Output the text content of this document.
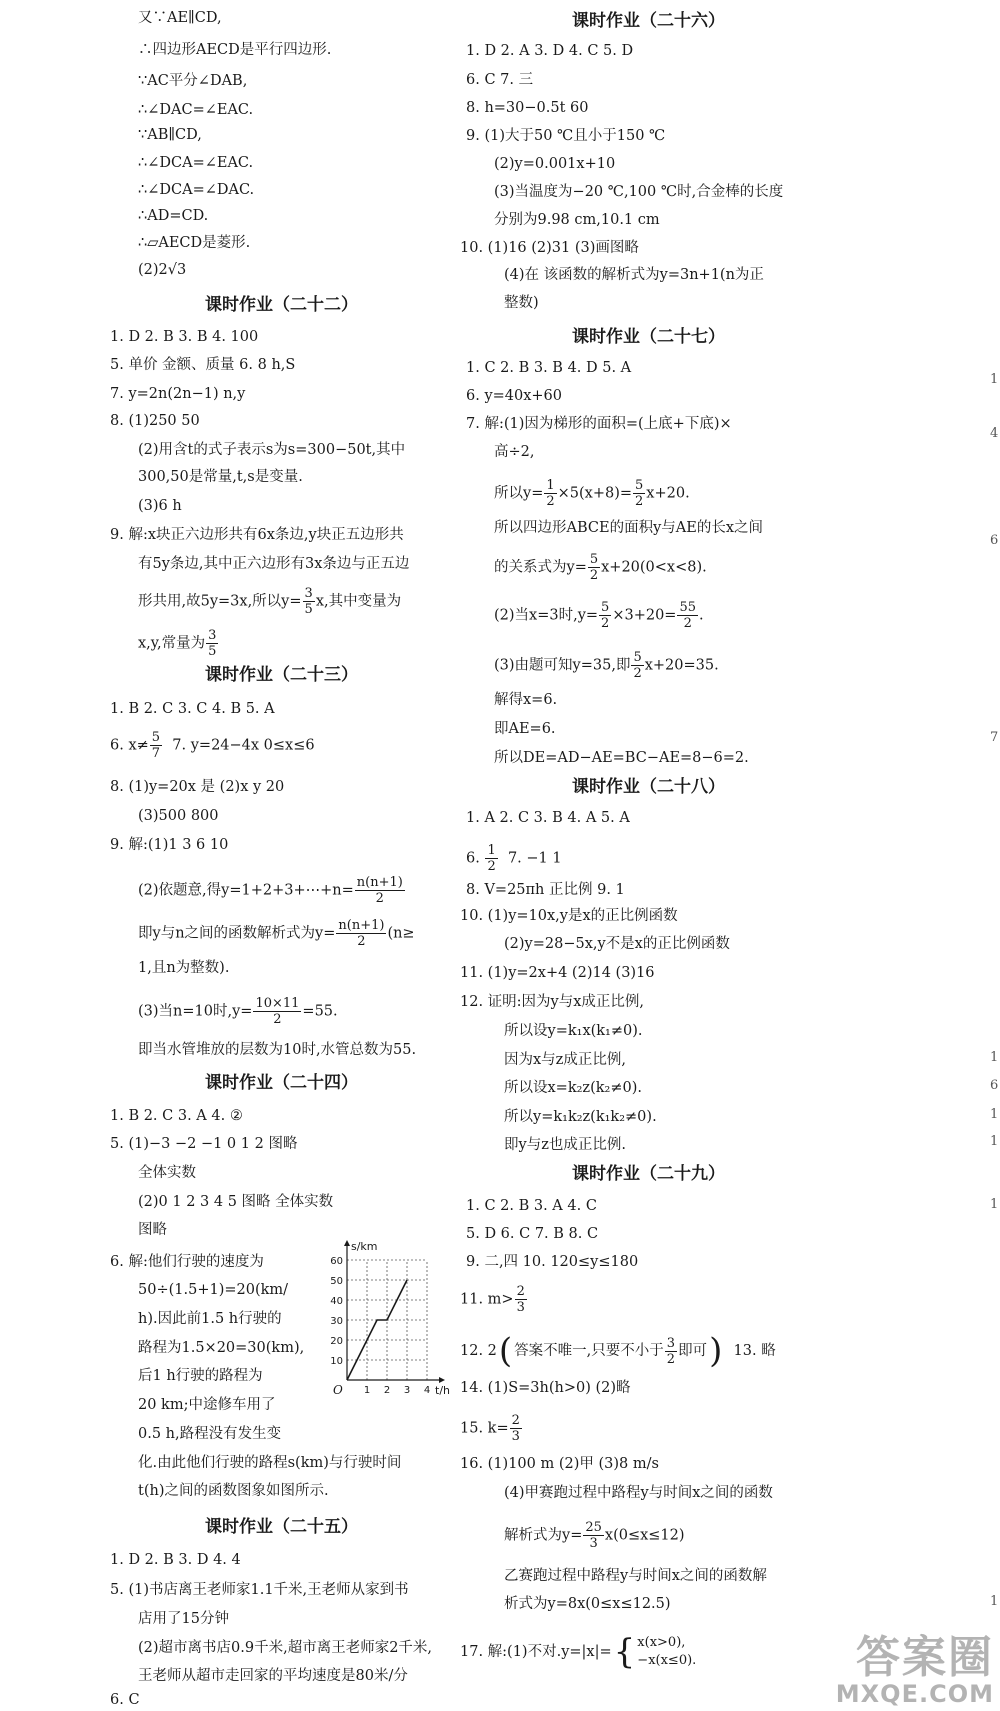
又∵AE∥CD,
∴四边形AECD是平行四边形.
∵AC平分∠DAB,
∴∠DAC=∠EAC.
∵AB∥CD,
∴∠DCA=∠EAC.
∴∠DCA=∠DAC.
∴AD=CD.
∴▱AECD是菱形.
(2)2√3
课时作业（二十二）
1. D 2. B 3. B 4. 100
5. 单价 金额、质量 6. 8 h,S
7. y=2n(2n−1) n,y
8. (1)250 50
(2)用含t的式子表示s为s=300−50t,其中
300,50是常量,t,s是变量.
(3)6 h
9. 解:x块正六边形共有6x条边,y块正五边形共
有5y条边,其中正六边形有3x条边与正五边
形共用,故5y=3x,所以$y= \frac{3}{5} x$,其中变量为
x,y,常量为 $\frac{3}{5}$
课时作业（二十三）
1. B 2. C 3. C 4. B 5. A
6. $x\ne \frac{5}{7} 7$. y=24−4x 0≤x≤6
8. (1)y=20x 是 (2)x y 20
(3)500 800
9. 解:(1)1 3 6 10
(2)依题意,得y=1+2+3+⋯+n= $\frac{n(n+1)}{2}$
即y与n之间的函数解析式为$y= \frac{n(n+1)}{2} (n\ge$
1,且n为整数).
(3)当n=10时$,y= \frac{10\times 11}{2} =55$.
即当水管堆放的层数为10时,水管总数为55.
课时作业（二十四）
1. B 2. C 3. A 4. ②
5. (1)−3 −2 −1 0 1 2 图略
全体实数
(2)0 1 2 3 4 5 图略 全体实数
图略
6. 解:他们行驶的速度为
50÷(1.5+1)=20(km/
h).因此前1.5 h行驶的
路程为1.5×20=30(km),
后1 h行驶的路程为
20 km;中途修车用了
0.5 h,路程没有发生变
化.由此他们行驶的路程s(km)与行驶时间
t(h)之间的函数图象如图所示.
10
20
30
40
50
60
1 2 3 4
s/km
t/h
O
课时作业（二十五）
1. D 2. B 3. D 4. 4
5. (1)书店离王老师家1.1千米,王老师从家到书
店用了15分钟
(2)超市离书店0.9千米,超市离王老师家2千米,
王老师从超市走回家的平均速度是80米/分
6. C
课时作业（二十六）
1. D 2. A 3. D 4. C 5. D
6. C 7. 三
8. h=30−0.5t 60
9. (1)大于50 ℃且小于150 ℃
(2)y=0.001x+10
(3)当温度为−20 ℃,100 ℃时,合金棒的长度
分别为9.98 cm,10.1 cm
10. (1)16 (2)31 (3)画图略
(4)在 该函数的解析式为y=3n+1(n为正
整数)
课时作业（二十七）
1. C 2. B 3. B 4. D 5. A
6. y=40x+60
7. 解:(1)因为梯形的面积=(上底+下底)×
高÷2,
所以$y= \frac{1}{2} \times 5(x+8)= \frac{5}{2} x+20$.
所以四边形ABCE的面积y与AE的长x之间
的关系式为$y= \frac{5}{2} x+20(0<x<8)$.
(2)当x=3时$,y= \frac{5}{2} \times 3+20= \frac{55}{2}$ .
(3)由题可知y=35,即 $\frac{5}{2} x+20=35$.
解得x=6.
即AE=6.
所以DE=AD−AE=BC−AE=8−6=2.
课时作业（二十八）
1. A 2. C 3. B 4. A 5. A
6. $\frac{1}{2} 7$. −1 1
8. V=25πh 正比例 9. 1
10. (1)y=10x,y是x的正比例函数
(2)y=28−5x,y不是x的正比例函数
11. (1)y=2x+4 (2)14 (3)16
12. 证明:因为y与x成正比例,
所以设y=k₁x(k₁≠0).
因为x与z成正比例,
所以设x=k₂z(k₂≠0).
所以y=k₁k₂z(k₁k₂≠0).
即y与z也成正比例.
课时作业（二十九）
1. C 2. B 3. A 4. C
5. D 6. C 7. B 8. C
9. 二,四 10. 120≤y≤180
11. $m> \frac{2}{3}$
12. 2( 答案不唯一,只要不小于 $\frac{3}{2}$ 即可) 13. 略
14. (1)S=3h(h>0) (2)略
15. $k= \frac{2}{3}$
16. (1)100 m (2)甲 (3)8 m/s
(4)甲赛跑过程中路程y与时间x之间的函数
解析式为$y= \frac{25}{3} x(0\le x\le 12)$
乙赛跑过程中路程y与时间x之间的函数解
析式为y=8x(0≤x≤12.5)
17. 解:(1)不对.y=|x|={ x(x>0),
−x(x≤0).
1
4
6
7
1
6
1
1
1
1
答案圈
MXQE.COM
